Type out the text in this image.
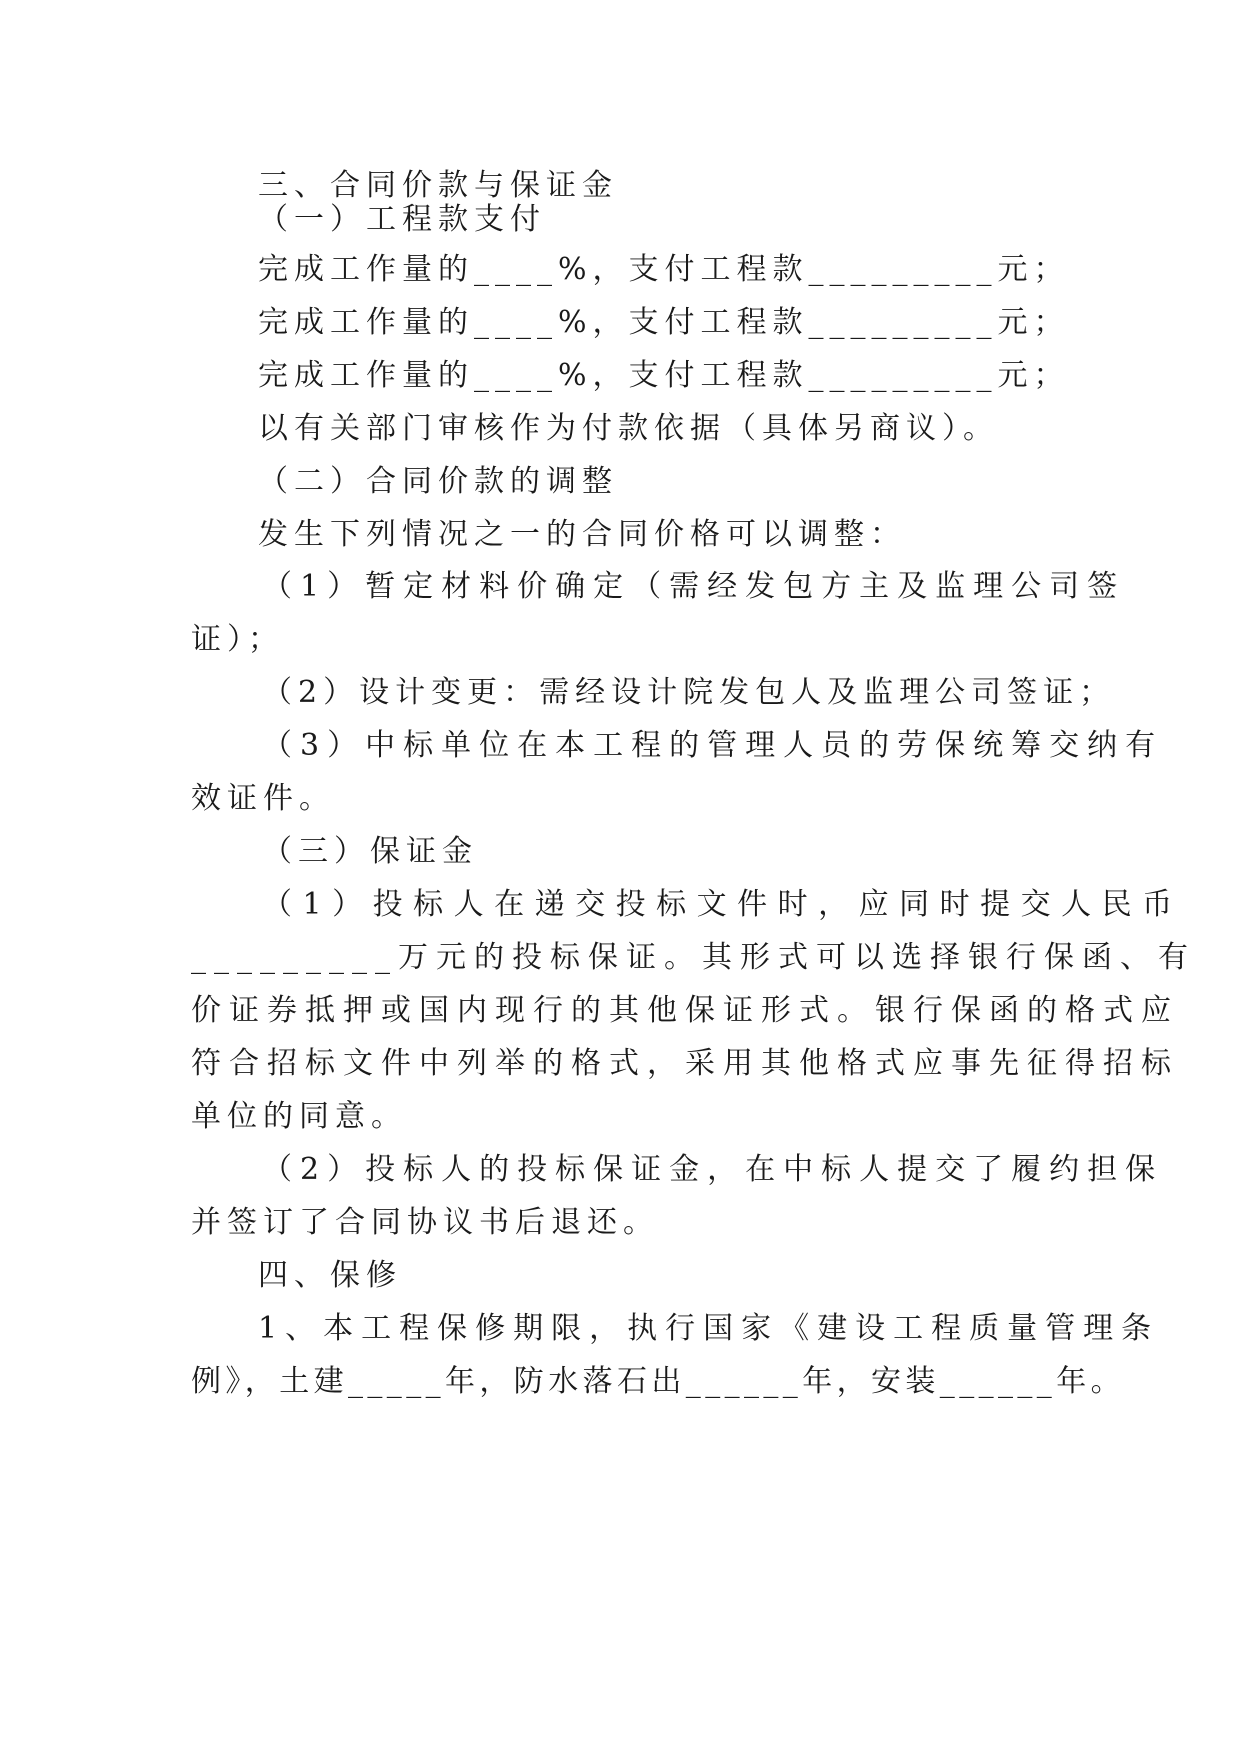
三、合同价款与保证金

（一）工程款支付

完成工作量的____%，支付工程款_________元；

完成工作量的____%，支付工程款_________元；

完成工作量的____%，支付工程款_________元；

以有关部门审核作为付款依据（具体另商议）。

（二）合同价款的调整

发生下列情况之一的合同价格可以调整：

（1）暂定材料价确定（需经发包方主及监理公司签

证）；

（2）设计变更：需经设计院发包人及监理公司签证；

（3）中标单位在本工程的管理人员的劳保统筹交纳有

效证件。

（三）保证金

（1）投标人在递交投标文件时，应同时提交人民币

_________万元的投标保证。其形式可以选择银行保函、有

价证券抵押或国内现行的其他保证形式。银行保函的格式应

符合招标文件中列举的格式，采用其他格式应事先征得招标

单位的同意。

（2）投标人的投标保证金，在中标人提交了履约担保

并签订了合同协议书后退还。

四、保修

1、本工程保修期限，执行国家《建设工程质量管理条

例》，土建_____年，防水落石出______年，安装______年。
